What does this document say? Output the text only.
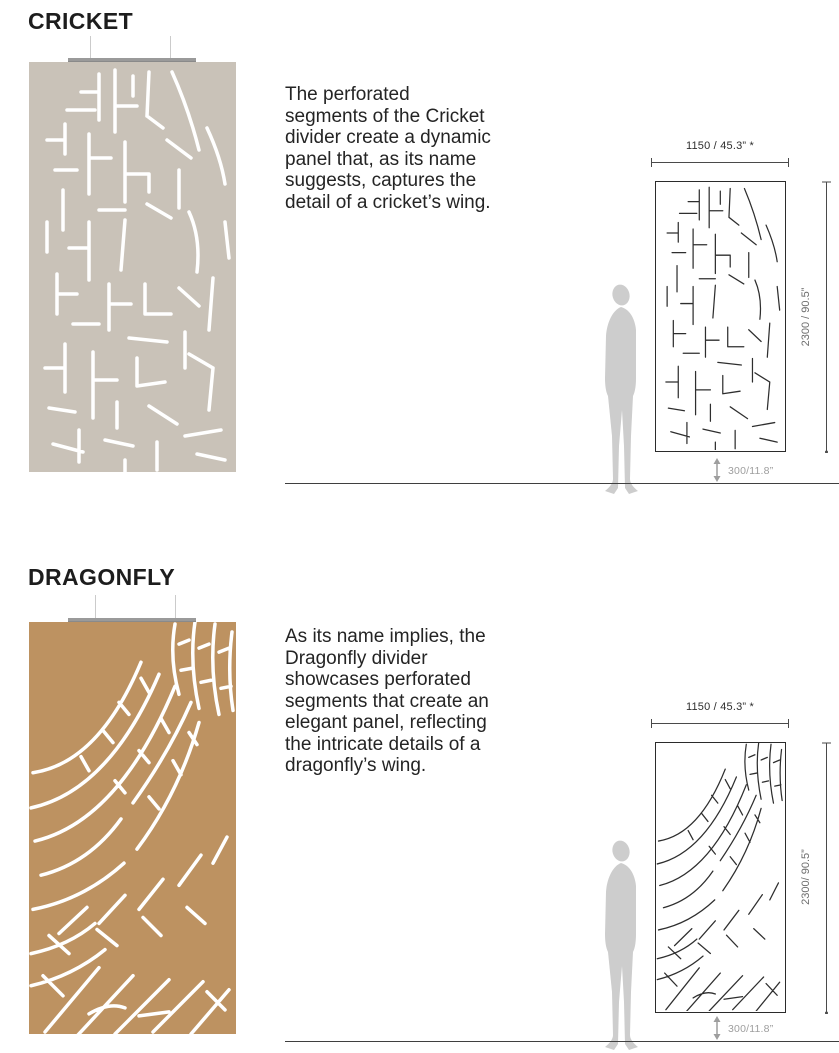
CRICKET

The perforated segments of the Cricket divider create a dynamic panel that, as its name suggests, captures the detail of a cricket’s wing.

1150 / 45.3” *
2300 / 90.5”
300/11.8”
DRAGONFLY

As its name implies, the Dragonfly divider showcases perforated segments that create an elegant panel, reflecting the intricate details of a dragonfly’s wing.

1150 / 45.3” *
2300/ 90.5”
300/11.8”
